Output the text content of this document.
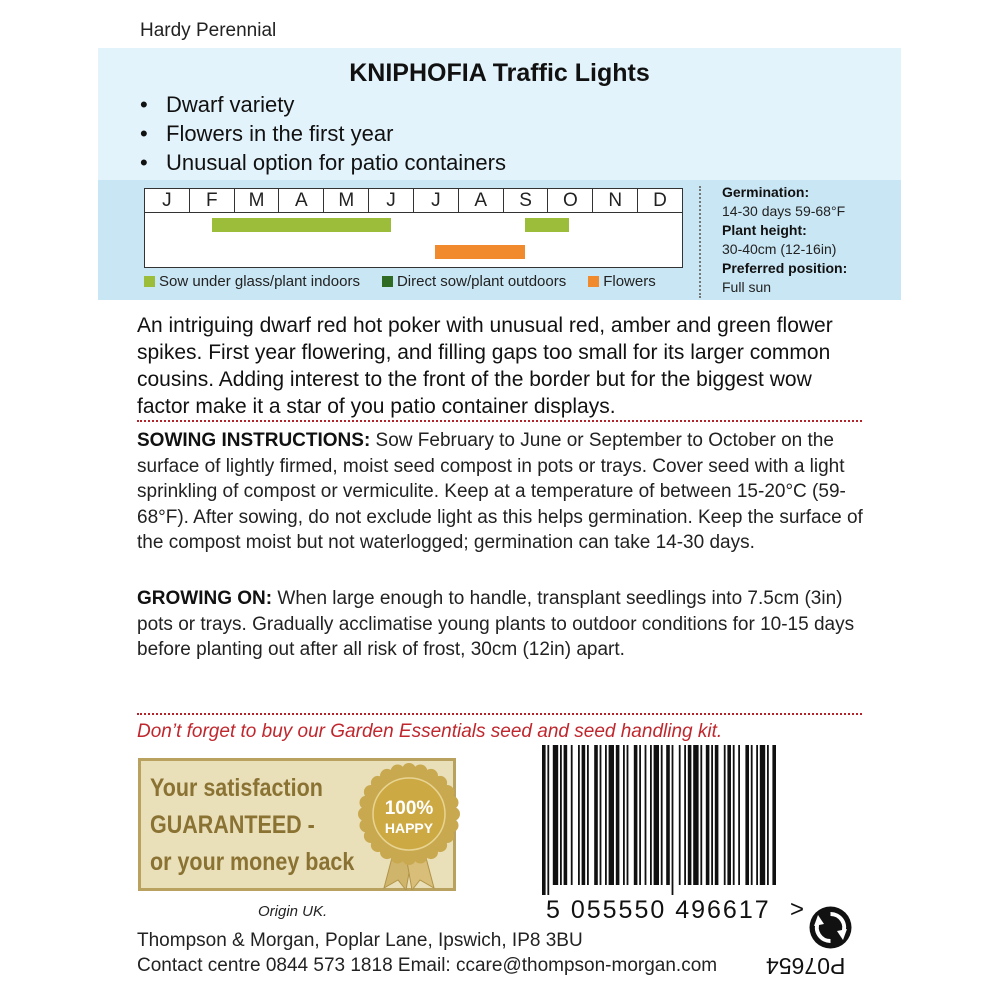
Hardy Perennial
KNIPHOFIA Traffic Lights
• Dwarf variety
• Flowers in the first year
• Unusual option for patio containers
J	F	M	A	M	J	J	A	S	O	N	D
Sow under glass/plant indoors Direct sow/plant outdoors Flowers
Germination:
14-30 days 59-68°F
Plant height:
30-40cm (12-16in)
Preferred position:
Full sun
An intriguing dwarf red hot poker with unusual red, amber and green flower spikes. First year flowering, and filling gaps too small for its larger common cousins. Adding interest to the front of the border but for the biggest wow factor make it a star of you patio container displays.
SOWING INSTRUCTIONS: Sow February to June or September to October on the surface of lightly firmed, moist seed compost in pots or trays. Cover seed with a light sprinkling of compost or vermiculite. Keep at a temperature of between 15-20°C (59-68°F). After sowing, do not exclude light as this helps germination. Keep the surface of the compost moist but not waterlogged; germination can take 14-30 days.
GROWING ON: When large enough to handle, transplant seedlings into 7.5cm (3in) pots or trays. Gradually acclimatise young plants to outdoor conditions for 10-15 days before planting out after all risk of frost, 30cm (12in) apart.
Don’t forget to buy our Garden Essentials seed and seed handling kit.
Your satisfaction
GUARANTEED -
or your money back
100%
HAPPY
5 055550 496617 >
Origin UK.
Thompson & Morgan, Poplar Lane, Ipswich, IP8 3BU
Contact centre 0844 573 1818 Email: ccare@thompson-morgan.com P07654
